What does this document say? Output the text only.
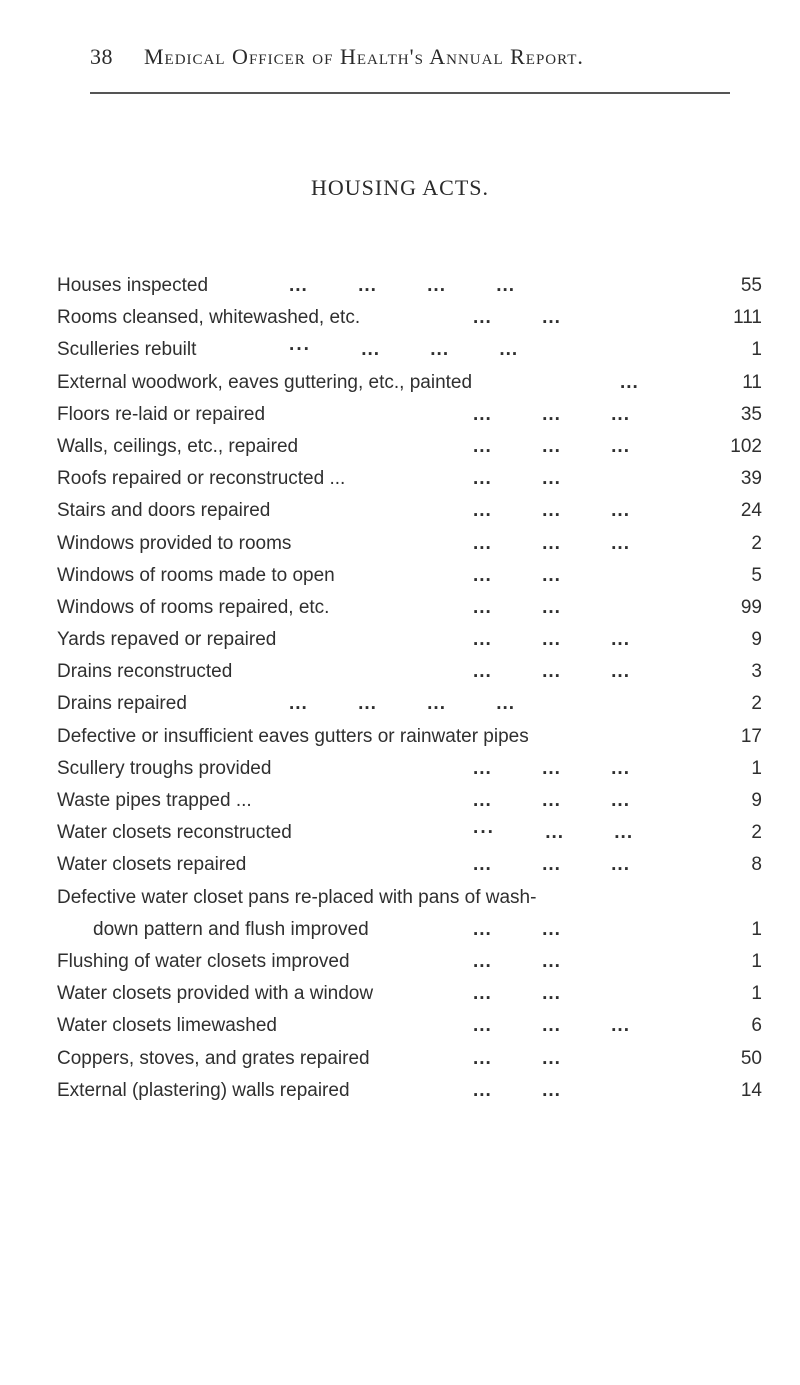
38 Medical Officer of Health's Annual Report.
HOUSING ACTS.
Houses inspected	...        ...        ...        ...	55
Rooms cleansed, whitewashed, etc.	...        ...	111
Sculleries rebuilt	···        ...        ...        ...	1
External woodwork, eaves guttering, etc., painted	...	11
Floors re-laid or repaired	...        ...        ...	35
Walls, ceilings, etc., repaired	...        ...        ...	102
Roofs repaired or reconstructed ...	...        ...	39
Stairs and doors repaired	...        ...        ...	24
Windows provided to rooms	...        ...        ...	2
Windows of rooms made to open	...        ...	5
Windows of rooms repaired, etc.	...        ...	99
Yards repaved or repaired	...        ...        ...	9
Drains reconstructed	...        ...        ...	3
Drains repaired	...        ...        ...        ...	2
Defective or insufficient eaves gutters or rainwater pipes	17
Scullery troughs provided	...        ...        ...	1
Waste pipes trapped ...	...        ...        ...	9
Water closets reconstructed	···        ...        ...	2
Water closets repaired	...        ...        ...	8
Defective water closet pans re-placed with pans of wash-
down pattern and flush improved	...        ...	1
Flushing of water closets improved	...        ...	1
Water closets provided with a window	...        ...	1
Water closets limewashed	...        ...        ...	6
Coppers, stoves, and grates repaired	...        ...	50
External (plastering) walls repaired	...        ...	14
